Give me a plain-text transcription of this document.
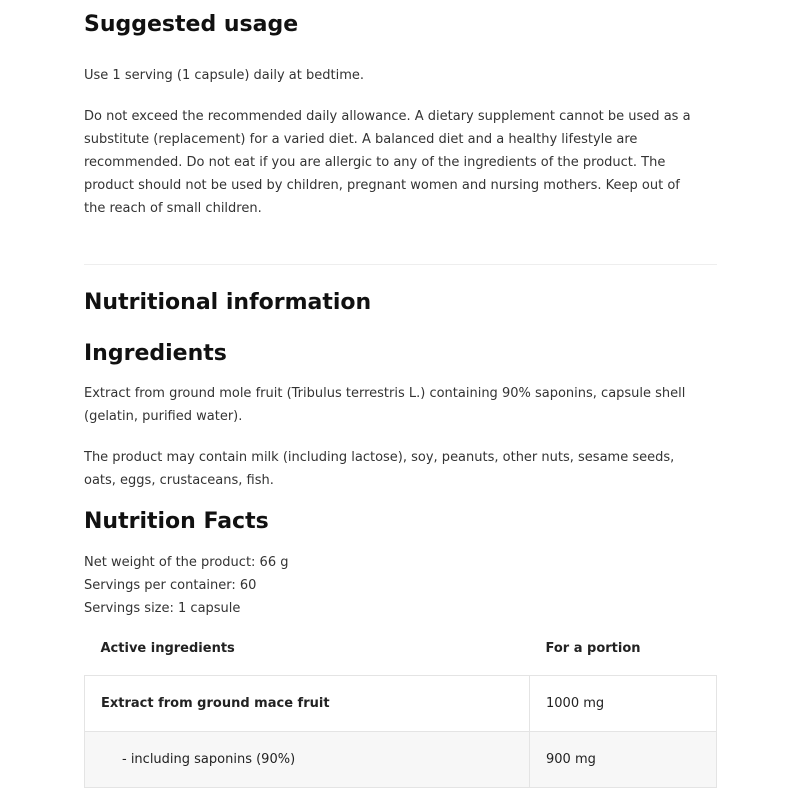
Suggested usage

Use 1 serving (1 capsule) daily at bedtime.

Do not exceed the recommended daily allowance. A dietary supplement cannot be used as a substitute (replacement) for a varied diet. A balanced diet and a healthy lifestyle are recommended. Do not eat if you are allergic to any of the ingredients of the product. The product should not be used by children, pregnant women and nursing mothers. Keep out of the reach of small children.

Nutritional information
Ingredients

Extract from ground mole fruit (Tribulus terrestris L.) containing 90% saponins, capsule shell (gelatin, purified water).

The product may contain milk (including lactose), soy, peanuts, other nuts, sesame seeds, oats, eggs, crustaceans, fish.

Nutrition Facts
Net weight of the product: 66 g
Servings per container: 60
Servings size: 1 capsule
Active ingredients	For a portion
Extract from ground mace fruit	1000 mg
- including saponins (90%)	900 mg
